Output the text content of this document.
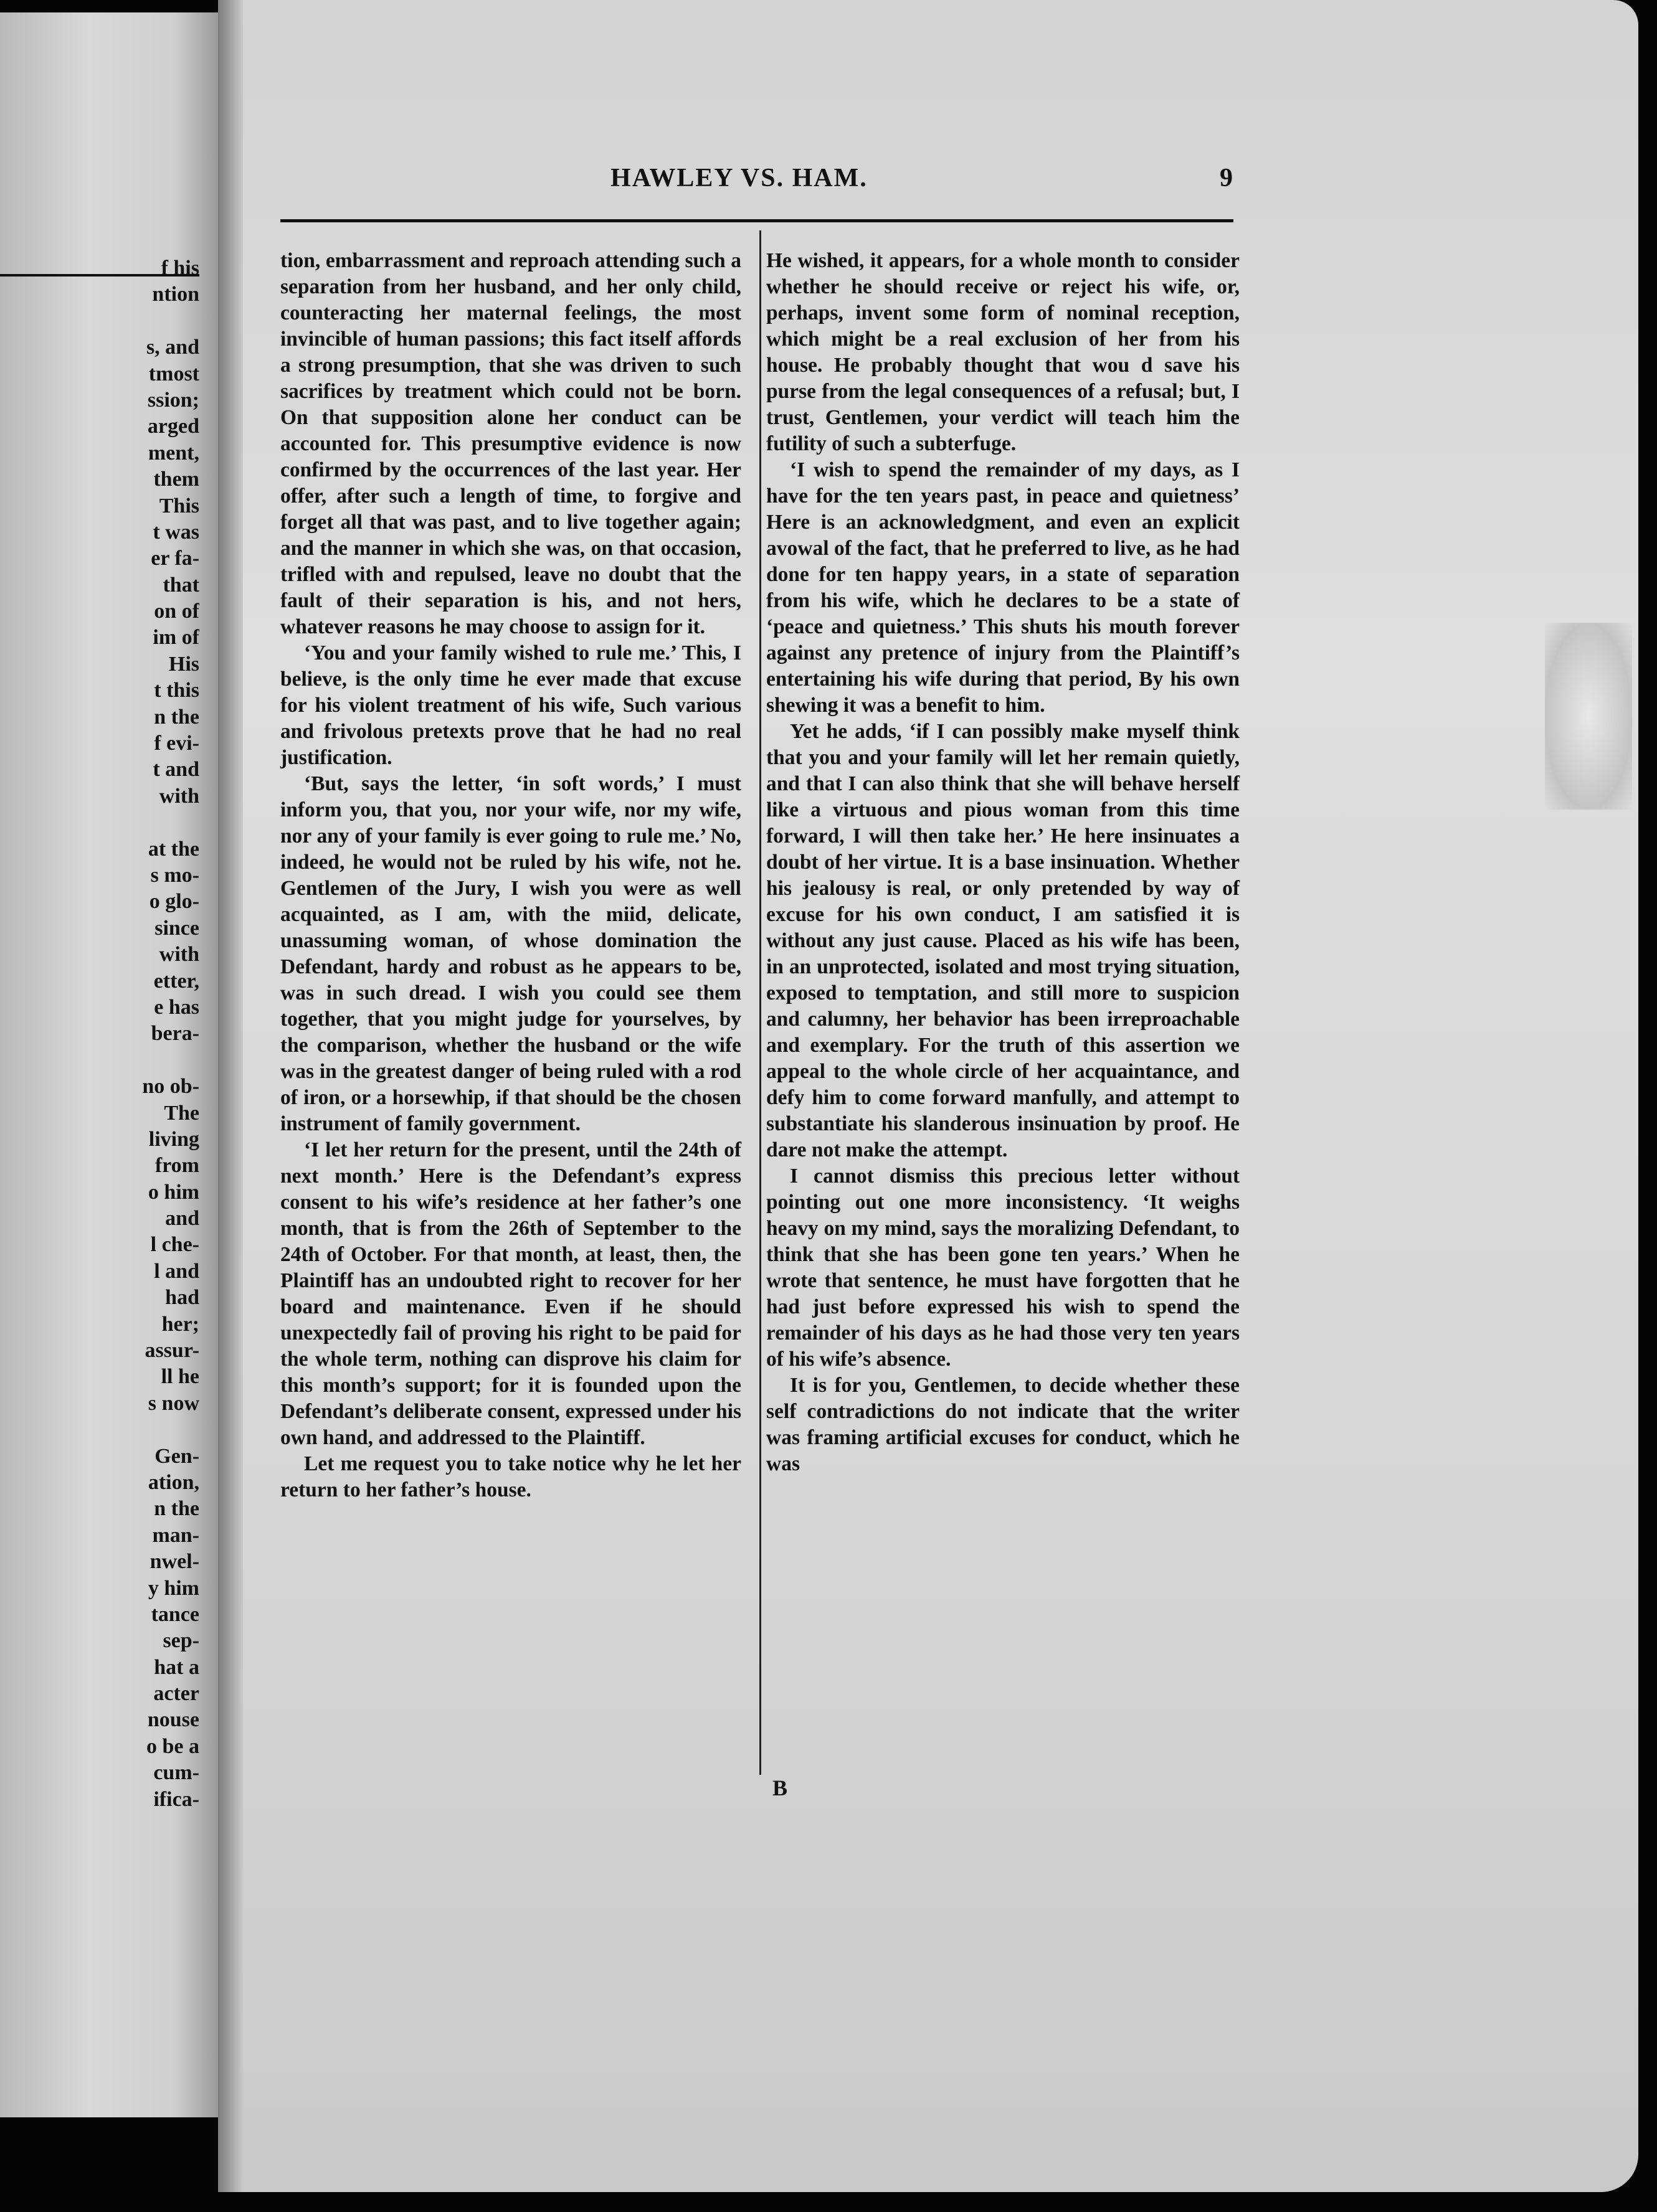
f his
ntion
s, and
tmost
ssion;
arged
ment,
them
This
t was
er fa-
that
on of
im of
His
t this
n the
f evi-
t and
with
at the
s mo-
o glo-
since
with
etter,
e has
bera-
no ob-
The
living
from
o him
and
l che-
l and
had
her;
assur-
ll he
s now
Gen-
ation,
n the
man-
nwel-
y him
tance
sep-
hat a
acter
nouse
o be a
cum-
ifica-
HAWLEY VS. HAM.	9

tion, embarrassment and reproach attending such a separation from her husband, and her only child, counteracting her maternal feelings, the most invincible of human passions; this fact itself affords a strong presumption, that she was driven to such sacrifices by treatment which could not be born. On that supposition alone her conduct can be accounted for. This presumptive evidence is now confirmed by the occurrences of the last year. Her offer, after such a length of time, to forgive and forget all that was past, and to live together again; and the manner in which she was, on that occasion, trifled with and repulsed, leave no doubt that the fault of their separation is his, and not hers, whatever reasons he may choose to assign for it.

‘You and your family wished to rule me.’ This, I believe, is the only time he ever made that excuse for his violent treatment of his wife, Such various and frivolous pretexts prove that he had no real justification.

‘But, says the letter, ‘in soft words,’ I must inform you, that you, nor your wife, nor my wife, nor any of your family is ever going to rule me.’ No, indeed, he would not be ruled by his wife, not he. Gentlemen of the Jury, I wish you were as well acquainted, as I am, with the miid, delicate, unassuming woman, of whose domination the Defendant, hardy and robust as he appears to be, was in such dread. I wish you could see them together, that you might judge for yourselves, by the comparison, whether the husband or the wife was in the greatest danger of being ruled with a rod of iron, or a horsewhip, if that should be the chosen instrument of family government.

‘I let her return for the present, until the 24th of next month.’ Here is the Defendant’s express consent to his wife’s residence at her father’s one month, that is from the 26th of September to the 24th of October. For that month, at least, then, the Plaintiff has an undoubted right to recover for her board and maintenance. Even if he should unexpectedly fail of proving his right to be paid for the whole term, nothing can disprove his claim for this month’s support; for it is founded upon the Defendant’s deliberate consent, expressed under his own hand, and addressed to the Plaintiff.

Let me request you to take notice why he let her return to her father’s house.

He wished, it appears, for a whole month to consider whether he should receive or reject his wife, or, perhaps, invent some form of nominal reception, which might be a real exclusion of her from his house. He probably thought that wou d save his purse from the legal consequences of a refusal; but, I trust, Gentlemen, your verdict will teach him the futility of such a subterfuge.

‘I wish to spend the remainder of my days, as I have for the ten years past, in peace and quietness’ Here is an acknowledgment, and even an explicit avowal of the fact, that he preferred to live, as he had done for ten happy years, in a state of separation from his wife, which he declares to be a state of ‘peace and quietness.’ This shuts his mouth forever against any pretence of injury from the Plaintiff’s entertaining his wife during that period, By his own shewing it was a benefit to him.

Yet he adds, ‘if I can possibly make myself think that you and your family will let her remain quietly, and that I can also think that she will behave herself like a virtuous and pious woman from this time forward, I will then take her.’ He here insinuates a doubt of her virtue. It is a base insinuation. Whether his jealousy is real, or only pretended by way of excuse for his own conduct, I am satisfied it is without any just cause. Placed as his wife has been, in an unprotected, isolated and most trying situation, exposed to temptation, and still more to suspicion and calumny, her behavior has been irreproachable and exemplary. For the truth of this assertion we appeal to the whole circle of her acquaintance, and defy him to come forward manfully, and attempt to substantiate his slanderous insinuation by proof. He dare not make the attempt.

I cannot dismiss this precious letter without pointing out one more inconsistency. ‘It weighs heavy on my mind, says the moralizing Defendant, to think that she has been gone ten years.’ When he wrote that sentence, he must have forgotten that he had just before expressed his wish to spend the remainder of his days as he had those very ten years of his wife’s absence.

It is for you, Gentlemen, to decide whether these self contradictions do not indicate that the writer was framing artificial excuses for conduct, which he was

B
